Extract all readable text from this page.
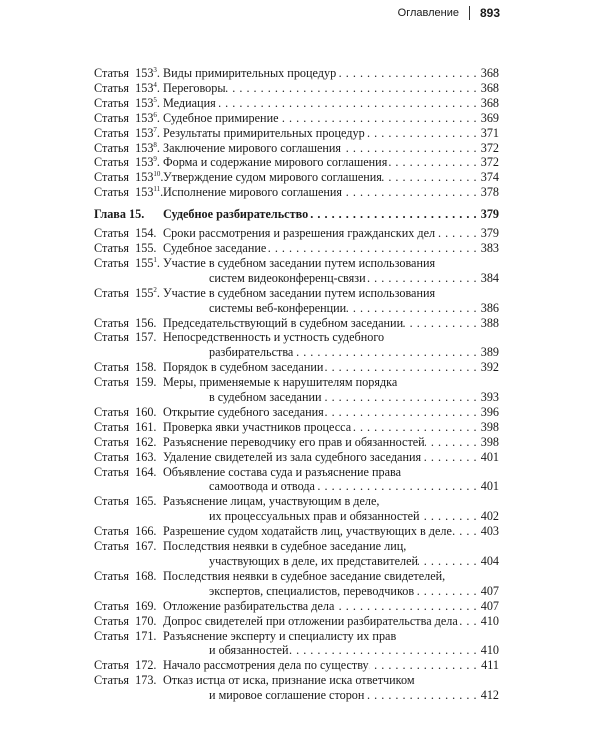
Оглавление 893
Статья $153^3$. Виды примирительных процедур . . .	368
Статья $153^4$. Переговоры . . .	368
Статья $153^5$. Медиация . . .	368
Статья $153^6$. Судебное примирение . . .	369
Статья $153^7$. Результаты примирительных процедур . . .	371
Статья $153^8$. Заключение мирового соглашения . . .	372
Статья $153^9$. Форма и содержание мирового соглашения . . .	372
Статья $153^{10}$. Утверждение судом мирового соглашения . . .	374
Статья $153^{11}$. Исполнение мирового соглашения . . .	378
Глава 15.	Судебное разбирательство . . .	379
Статья 154. Сроки рассмотрения и разрешения гражданских дел . . .	379
Статья 155. Судебное заседание . . .	383
Статья $155^1$. Участие в судебном заседании путем использования
систем видеоконференц-связи . . .	384
Статья $155^2$. Участие в судебном заседании путем использования
системы веб-конференции . . .	386
Статья 156. Председательствующий в судебном заседании . . .	388
Статья 157. Непосредственность и устность судебного
разбирательства . . .	389
Статья 158. Порядок в судебном заседании . . .	392
Статья 159. Меры, применяемые к нарушителям порядка
в судебном заседании . . .	393
Статья 160. Открытие судебного заседания . . .	396
Статья 161. Проверка явки участников процесса . . .	398
Статья 162. Разъяснение переводчику его прав и обязанностей . . .	398
Статья 163. Удаление свидетелей из зала судебного заседания . . .	401
Статья 164. Объявление состава суда и разъяснение права
самоотвода и отвода . . .	401
Статья 165. Разъяснение лицам, участвующим в деле,
их процессуальных прав и обязанностей . . .	402
Статья 166. Разрешение судом ходатайств лиц, участвующих в деле . . . 403
Статья 167. Последствия неявки в судебное заседание лиц,
участвующих в деле, их представителей . . .	404
Статья 168. Последствия неявки в судебное заседание свидетелей,
экспертов, специалистов, переводчиков . . .	407
Статья 169. Отложение разбирательства дела . . .	407
Статья 170. Допрос свидетелей при отложении разбирательства дела . . . 410
Статья 171. Разъяснение эксперту и специалисту их прав
и обязанностей . . .	410
Статья 172. Начало рассмотрения дела по существу . . .	411
Статья 173. Отказ истца от иска, признание иска ответчиком
и мировое соглашение сторон . . .	412
